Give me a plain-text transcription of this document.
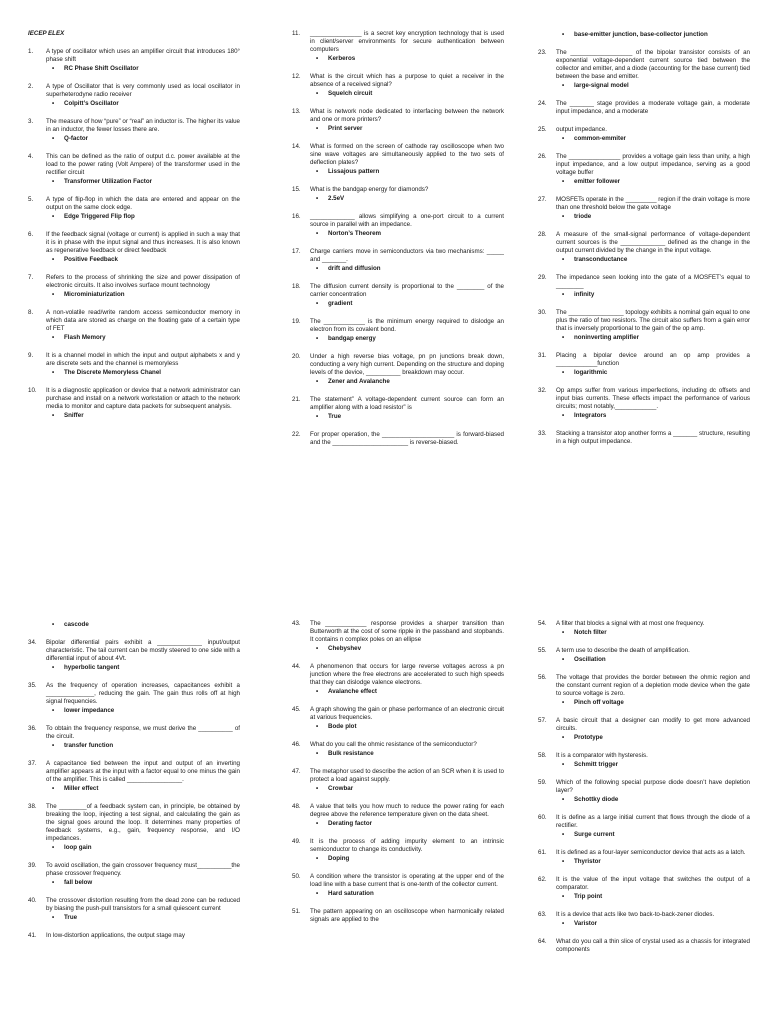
IECEP ELEX
1.	A type of oscillator which uses an amplifier circuit that introduces 180° phase shift
• RC Phase Shift Oscillator
2.	A type of Oscillator that is very commonly used as local oscillator in superheterodyne radio receiver
• Colpitt’s Oscillator
3.	The measure of how “pure” or “real” an inductor is. The higher its value in an inductor, the fewer losses there are.
• Q-factor
4.	This can be defined as the ratio of output d.c. power available at the load to the power rating (Volt Ampere) of the transformer used in the rectifier circuit
• Transformer Utilization Factor
5.	A type of flip-flop in which the data are entered and appear on the output on the same clock edge.
• Edge Triggered Flip flop
6.	If the feedback signal (voltage or current) is applied in such a way that it is in phase with the input signal and thus increases. It is also known as regenerative feedback or direct feedback
• Positive Feedback
7.	Refers to the process of shrinking the size and power dissipation of electronic circuits. It also involves surface mount technology
• Microminiaturization
8.	A non-volatile read/write random access semiconductor memory in which data are stored as charge on the floating gate of a certain type of FET
• Flash Memory
9.	It is a channel model in which the input and output alphabets x and y are discrete sets and the channel is memoryless
• The Discrete Memoryless Chanel
10.	It is a diagnostic application or device that a network administrator can purchase and install on a network workstation or attach to the network media to monitor and capture data packets for subsequent analysis.
• Sniffer
11.	_______________ is a secret key encryption technology that is used in client/server environments for secure authentication between computers
• Kerberos
12.	What is the circuit which has a purpose to quiet a receiver in the absence of a received signal?
• Squelch circuit
13.	What is network node dedicated to interfacing between the network and one or more printers?
• Print server
14.	What is formed on the screen of cathode ray oscilloscope when two sine wave voltages are simultaneously applied to the two sets of deflection plates?
• Lissajous pattern
15.	What is the bandgap energy for diamonds?
• 2.5eV
16.	_____________ allows simplifying a one-port circuit to a current source in parallel with an impedance.
• Norton’s Theorem
17.	Charge carriers move in semiconductors via two mechanisms: _____ and _______.
• drift and diffusion
18.	The diffusion current density is proportional to the ________ of the carrier concentration
• gradient
19.	The ____________ is the minimum energy required to dislodge an electron from its covalent bond.
• bandgap energy
20.	Under a high reverse bias voltage, pn pn junctions break down, conducting a very high current. Depending on the structure and doping levels of the device, __________ breakdown may occur.
• Zener and Avalanche
21.	The statement” A voltage-dependent current source can form an amplifier along with a load resistor” is
• True
22.	For proper operation, the _____________________ is forward-biased and the ______________________ is reverse-biased.
• base-emitter junction, base-collector junction
23.	The __________________ of the bipolar transistor consists of an exponential voltage-dependent current source tied between the collector and emitter, and a diode (accounting for the base current) tied between the base and emitter.
• large-signal model
24.	The _______ stage provides a moderate voltage gain, a moderate input impedance, and a moderate
25.	output impedance.
• common-emmiter
26.	The _______________ provides a voltage gain less than unity, a high input impedance, and a low output impedance, serving as a good voltage buffer
• emitter follower
27.	MOSFETs operate in the _________ region if the drain voltage is more than one threshold below the gate voltage
• triode
28.	A measure of the small-signal performance of voltage-dependent current sources is the _____________ defined as the change in the output current divided by the change in the input voltage.
• transconductance
29.	The impedance seen looking into the gate of a MOSFET’s equal to ________
• infinity
30.	The ________________ topology exhibits a nominal gain equal to one plus the ratio of two resistors. The circuit also suffers from a gain error that is inversely proportional to the gain of the op amp.
• noninverting amplifier
31.	Placing a bipolar device around an op amp provides a ____________function
• logarithmic
32.	Op amps suffer from various imperfections, including dc offsets and input bias currents. These effects impact the performance of various circuits; most notably,____________.
• Integrators
33.	Stacking a transistor atop another forms a _______ structure, resulting in a high output impedance.
• cascode
34.	Bipolar differential pairs exhibit a _____________ input/output characteristic. The tail current can be mostly steered to one side with a differential input of about 4Vt.
• hyperbolic tangent
35.	As the frequency of operation increases, capacitances exhibit a ______________, reducing the gain. The gain thus rolls off at high signal frequencies.
• lower impedance
36.	To obtain the frequency response, we must derive the __________ of the circuit.
• transfer function
37.	A capacitance tied between the input and output of an inverting amplifier appears at the input with a factor equal to one minus the gain of the amplifier. This is called ________________.
• Miller effect
38.	The ________of a feedback system can, in principle, be obtained by breaking the loop, injecting a test signal, and calculating the gain as the signal goes around the loop. It determines many properties of feedback systems, e.g., gain, frequency response, and I/O impedances.
• loop gain
39.	To avoid oscillation, the gain crossover frequency must__________the phase crossover frequency.
• fall below
40.	The crossover distortion resulting from the dead zone can be reduced by biasing the push-pull transistors for a small quiescent current
• True
41.	In low-distortion applications, the output stage may
43.	The ____________ response provides a sharper transition than Butterworth at the cost of some ripple in the passband and stopbands. It contains n complex poles on an ellipse
• Chebyshev
44.	A phenomenon that occurs for large reverse voltages across a pn junction where the free electrons are accelerated to such high speeds that they can dislodge valence electrons.
• Avalanche effect
45.	A graph showing the gain or phase performance of an electronic circuit at various frequencies.
• Bode plot
46.	What do you call the ohmic resistance of the semiconductor?
• Bulk resistance
47.	The metaphor used to describe the action of an SCR when it is used to protect a load against supply.
• Crowbar
48.	A value that tells you how much to reduce the power rating for each degree above the reference temperature given on the data sheet.
• Derating factor
49.	It is the process of adding impurity element to an intrinsic semiconductor to change its conductivity.
• Doping
50.	A condition where the transistor is operating at the upper end of the load line with a base current that is one-tenth of the collector current.
• Hard saturation
51.	The pattern appearing on an oscilloscope when harmonically related signals are applied to the
54.	A filter that blocks a signal with at most one frequency.
• Notch filter
55.	A term use to describe the death of amplification.
• Oscillation
56.	The voltage that provides the border between the ohmic region and the constant current region of a depletion mode device when the gate to source voltage is zero.
• Pinch off voltage
57.	A basic circuit that a designer can modify to get more advanced circuits.
• Prototype
58.	It is a comparator with hysteresis.
• Schmitt trigger
59.	Which of the following special purpose diode doesn’t have depletion layer?
• Schottky diode
60.	It is define as a large initial current that flows through the diode of a rectifier.
• Surge current
61.	It is defined as a four-layer semiconductor device that acts as a latch.
• Thyristor
62.	It is the value of the input voltage that switches the output of a comparator.
• Trip point
63.	It is a device that acts like two back-to-back-zener diodes.
• Varistor
64.	What do you call a thin slice of crystal used as a chassis for integrated components
